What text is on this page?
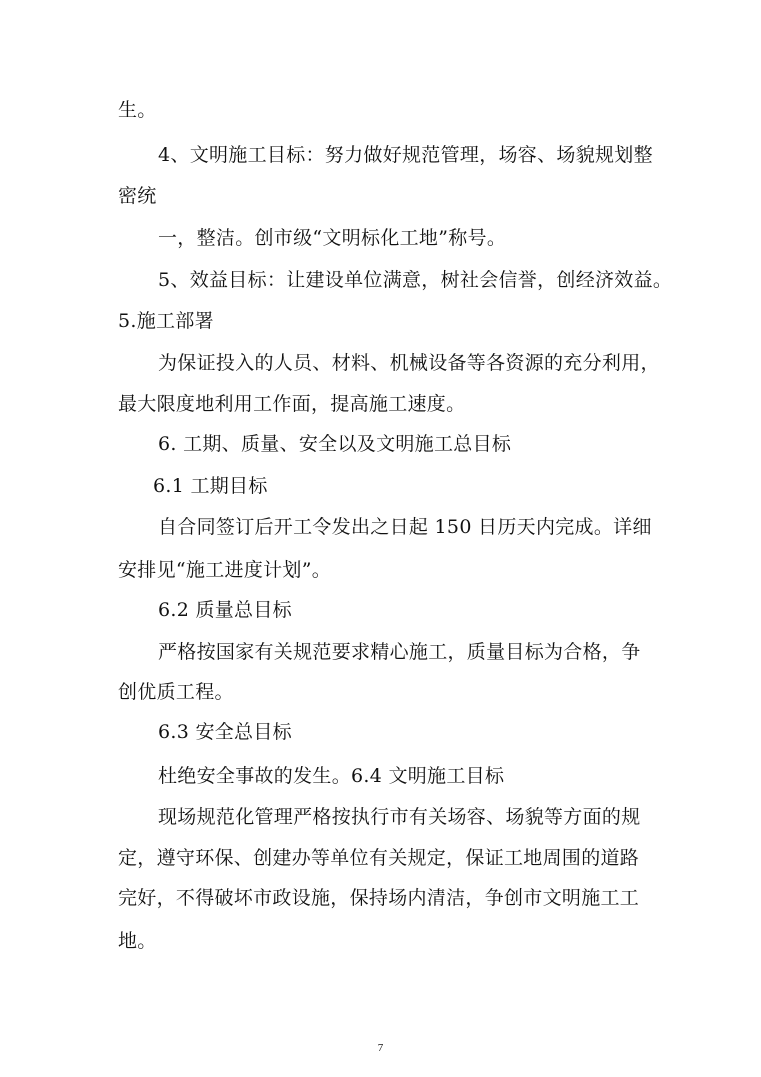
生。
4、文明施工目标：努力做好规范管理，场容、场貌规划整
密统
一，整洁。创市级“文明标化工地”称号。
5、效益目标：让建设单位满意，树社会信誉，创经济效益。
5.施工部署
为保证投入的人员、材料、机械设备等各资源的充分利用，
最大限度地利用工作面，提高施工速度。
6. 工期、质量、安全以及文明施工总目标
6.1 工期目标
自合同签订后开工令发出之日起 150 日历天内完成。详细
安排见“施工进度计划”。
6.2 质量总目标
严格按国家有关规范要求精心施工，质量目标为合格，争
创优质工程。
6.3 安全总目标
杜绝安全事故的发生。6.4 文明施工目标
现场规范化管理严格按执行市有关场容、场貌等方面的规
定，遵守环保、创建办等单位有关规定，保证工地周围的道路
完好，不得破坏市政设施，保持场内清洁，争创市文明施工工
地。
7
